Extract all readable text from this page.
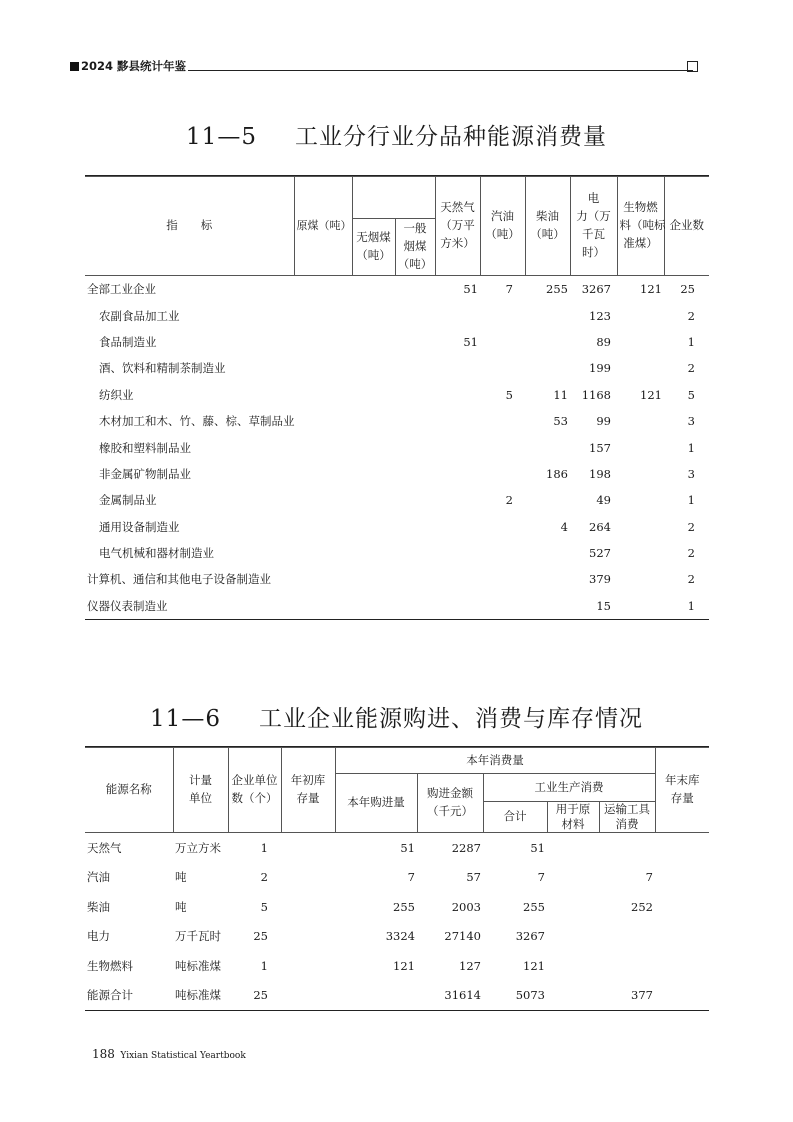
2024 黟县统计年鉴
11—5 工业分行业分品种能源消费量

指　　标	原煤（吨）			天然气
（万平
方米）	汽油
（吨）	柴油
（吨）	电
力（万
千瓦
时）	生物燃
料（吨标
准煤）	企业数
		无烟煤
（吨）	一般
烟煤
（吨）						

全部工业企业				51	7	255	3267	121	25
农副食品加工业							123		2
食品制造业				51			89		1
酒、饮料和精制茶制造业							199		2
纺织业					5	11	1168	121	5
木材加工和木、竹、藤、棕、草制品业						53	99		3
橡胶和塑料制品业							157		1
非金属矿物制品业						186	198		3
金属制品业					2		49		1
通用设备制造业						4	264		2
电气机械和器材制造业							527		2
计算机、通信和其他电子设备制造业							379		2
仪器仪表制造业							15		1

11—6 工业企业能源购进、消费与库存情况

能源名称	计量
单位	企业单位
数（个）	年初库
存量	本年消费量					年末库
存量
				本年购进量	购进金额
（千元）	工业生产消费			
						合计	用于原
材料	运输工具
消费	

天然气	万立方米	1		51	2287	51			
汽油	吨	2		7	57	7		7	
柴油	吨	5		255	2003	255		252	
电力	万千瓦时	25		3324	27140	3267			
生物燃料	吨标准煤	1		121	127	121			
能源合计	吨标准煤	25			31614	5073		377	

188 Yixian Statistical Yeartbook
